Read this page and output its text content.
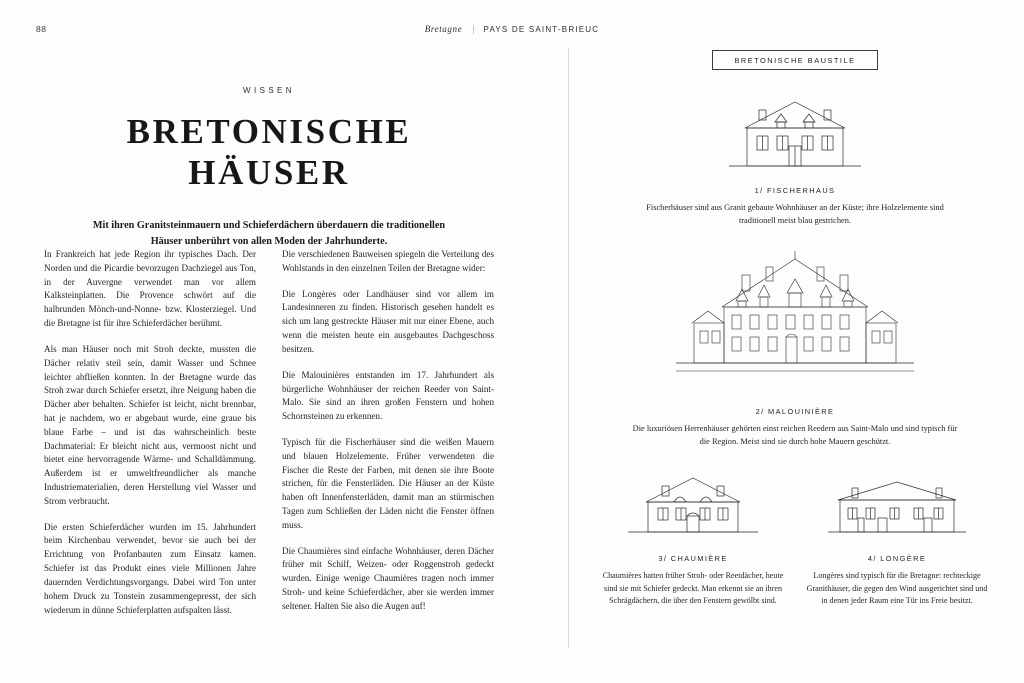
88	Bretagne | PAYS DE SAINT-BRIEUC
WISSEN
BRETONISCHE
HÄUSER
Mit ihren Granitsteinmauern und Schieferdächern überdauern die traditionellen Häuser unberührt von allen Moden der Jahrhunderte.

In Frankreich hat jede Region ihr typisches Dach. Der Norden und die Picardie bevorzugen Dachziegel aus Ton, in der Auvergne verwendet man vor allem Kalksteinplatten. Die Provence schwört auf die halbrunden Mönch-und-Nonne- bzw. Klosterziegel. Und die Bretagne ist für ihre Schieferdächer berühmt.

Als man Häuser noch mit Stroh deckte, mussten die Dächer relativ steil sein, damit Wasser und Schnee leichter abfließen konnten. In der Bretagne wurde das Stroh zwar durch Schiefer ersetzt, ihre Neigung haben die Dächer aber behalten. Schiefer ist leicht, nicht brennbar, hat je nachdem, wo er abgebaut wurde, eine graue bis blaue Farbe – und ist das wahrscheinlich beste Dachmaterial: Er bleicht nicht aus, vermoost nicht und bietet eine hervorragende Wärme- und Schalldämmung. Außerdem ist er umweltfreundlicher als manche Industriematerialien, deren Herstellung viel Wasser und Strom verbraucht.

Die ersten Schieferdächer wurden im 15. Jahrhundert beim Kirchenbau verwendet, bevor sie auch bei der Errichtung von Profanbauten zum Einsatz kamen. Schiefer ist das Produkt eines viele Millionen Jahre dauernden Verdichtungsvorgangs. Dabei wird Ton unter hohem Druck zu Tonstein zusammengepresst, der sich wiederum in dünne Schieferplatten aufspalten lässt.

Die verschiedenen Bauweisen spiegeln die Verteilung des Wohlstands in den einzelnen Teilen der Bretagne wider:

Die Longères oder Landhäuser sind vor allem im Landesinneren zu finden. Historisch gesehen handelt es sich um lang gestreckte Häuser mit nur einer Ebene, auch wenn die meisten heute ein ausgebautes Dachgeschoss besitzen.

Die Malouinières entstanden im 17. Jahrhundert als bürgerliche Wohnhäuser der reichen Reeder von Saint-Malo. Sie sind an ihren großen Fenstern und hohen Schornsteinen zu erkennen.

Typisch für die Fischerhäuser sind die weißen Mauern und blauen Holzelemente. Früher verwendeten die Fischer die Reste der Farben, mit denen sie ihre Boote strichen, für die Fensterläden. Die Häuser an der Küste haben oft Innenfensterläden, damit man an stürmischen Tagen zum Schließen der Läden nicht die Fenster öffnen muss.

Die Chaumières sind einfache Wohnhäuser, deren Dächer früher mit Schilf, Weizen- oder Roggenstroh gedeckt wurden. Einige wenige Chaumières tragen noch immer Stroh- und keine Schieferdächer, aber sie werden immer seltener. Halten Sie also die Augen auf!

BRETONISCHE BAUSTILE
1/ FISCHERHAUS
Fischerhäuser sind aus Granit gebaute Wohnhäuser an der Küste; ihre Holzelemente sind traditionell meist blau gestrichen.
2/ MALOUINIÈRE
Die luxuriösen Herrenhäuser gehörten einst reichen Reedern aus Saint-Malo und sind typisch für die Region. Meist sind sie durch hohe Mauern geschützt.
3/ CHAUMIÈRE
Chaumières hatten früher Stroh- oder Reetdächer, heute sind sie mit Schiefer gedeckt. Man erkennt sie an ihren Schrägdächern, die über den Fenstern gewölbt sind.
4/ LONGÈRE
Longères sind typisch für die Bretagne: rechteckige Granithäuser, die gegen den Wind ausgerichtet sind und in denen jeder Raum eine Tür ins Freie besitzt.
